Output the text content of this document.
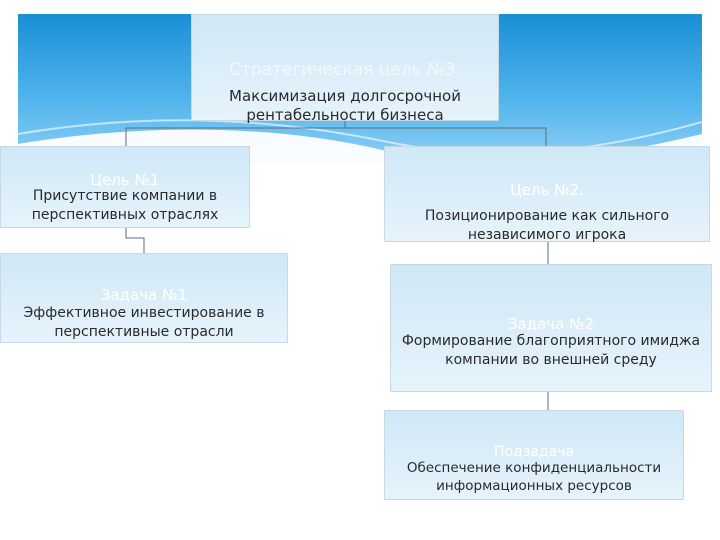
Стратегическая цель №3.
Максимизация долгосрочной рентабельности бизнеса
Цель №1
Присутствие компании в перспективных отраслях
Цель №2.
Позиционирование как сильного независимого игрока
Задача №1
Эффективное инвестирование в перспективные отрасли	Задача №2
Формирование благоприятного имиджа компании во внешней среду
Подзадача
Обеспечение конфиденциальности информационных ресурсов
